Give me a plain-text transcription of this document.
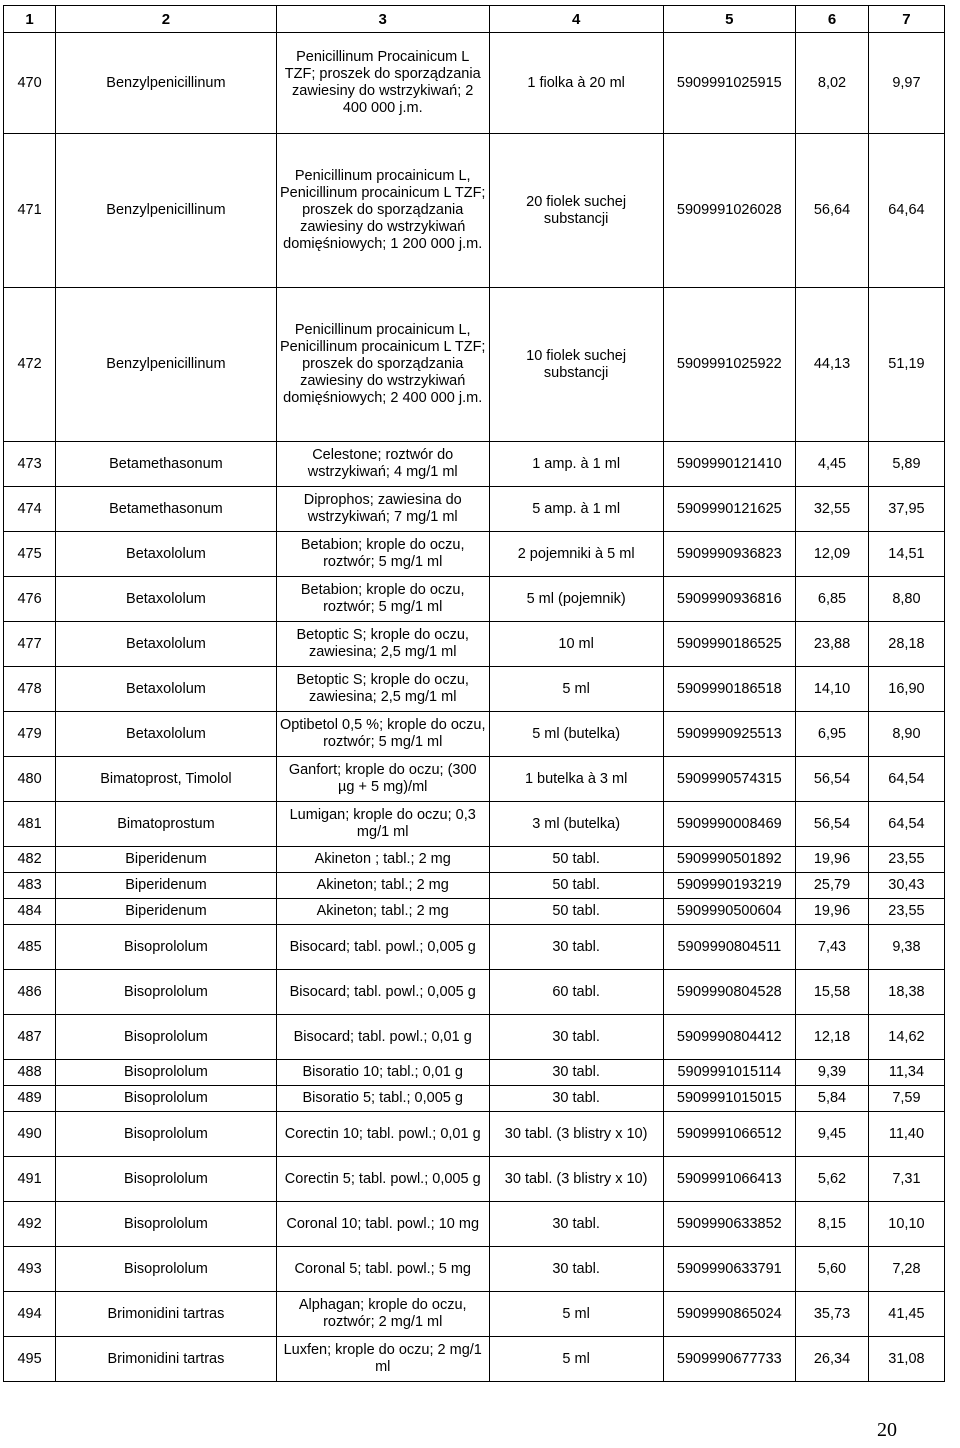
1	2	3	4	5	6	7
470	Benzylpenicillinum	Penicillinum Procainicum L TZF; proszek do sporządzania zawiesiny do wstrzykiwań; 2 400 000 j.m.	1 fiolka à 20 ml	5909991025915	8,02	9,97
471	Benzylpenicillinum	Penicillinum procainicum L, Penicillinum procainicum L TZF; proszek do sporządzania zawiesiny do wstrzykiwań domięśniowych; 1 200 000 j.m.	20 fiolek suchej substancji	5909991026028	56,64	64,64
472	Benzylpenicillinum	Penicillinum procainicum L, Penicillinum procainicum L TZF; proszek do sporządzania zawiesiny do wstrzykiwań domięśniowych; 2 400 000 j.m.	10 fiolek suchej substancji	5909991025922	44,13	51,19
473	Betamethasonum	Celestone; roztwór do wstrzykiwań; 4 mg/1 ml	1 amp. à 1 ml	5909990121410	4,45	5,89
474	Betamethasonum	Diprophos; zawiesina do wstrzykiwań; 7 mg/1 ml	5 amp. à 1 ml	5909990121625	32,55	37,95
475	Betaxololum	Betabion; krople do oczu, roztwór; 5 mg/1 ml	2 pojemniki à 5 ml	5909990936823	12,09	14,51
476	Betaxololum	Betabion; krople do oczu, roztwór; 5 mg/1 ml	5 ml (pojemnik)	5909990936816	6,85	8,80
477	Betaxololum	Betoptic S; krople do oczu, zawiesina; 2,5 mg/1 ml	10 ml	5909990186525	23,88	28,18
478	Betaxololum	Betoptic S; krople do oczu, zawiesina; 2,5 mg/1 ml	5 ml	5909990186518	14,10	16,90
479	Betaxololum	Optibetol 0,5 %; krople do oczu, roztwór; 5 mg/1 ml	5 ml (butelka)	5909990925513	6,95	8,90
480	Bimatoprost, Timolol	Ganfort; krople do oczu; (300 µg + 5 mg)/ml	1 butelka à 3 ml	5909990574315	56,54	64,54
481	Bimatoprostum	Lumigan; krople do oczu; 0,3 mg/1 ml	3 ml (butelka)	5909990008469	56,54	64,54
482	Biperidenum	Akineton ; tabl.; 2 mg	50 tabl.	5909990501892	19,96	23,55
483	Biperidenum	Akineton; tabl.; 2 mg	50 tabl.	5909990193219	25,79	30,43
484	Biperidenum	Akineton; tabl.; 2 mg	50 tabl.	5909990500604	19,96	23,55
485	Bisoprololum	Bisocard; tabl. powl.; 0,005 g	30 tabl.	5909990804511	7,43	9,38
486	Bisoprololum	Bisocard; tabl. powl.; 0,005 g	60 tabl.	5909990804528	15,58	18,38
487	Bisoprololum	Bisocard; tabl. powl.; 0,01 g	30 tabl.	5909990804412	12,18	14,62
488	Bisoprololum	Bisoratio 10; tabl.; 0,01 g	30 tabl.	5909991015114	9,39	11,34
489	Bisoprololum	Bisoratio 5; tabl.; 0,005 g	30 tabl.	5909991015015	5,84	7,59
490	Bisoprololum	Corectin 10; tabl. powl.; 0,01 g	30 tabl. (3 blistry x 10)	5909991066512	9,45	11,40
491	Bisoprololum	Corectin 5; tabl. powl.; 0,005 g	30 tabl. (3 blistry x 10)	5909991066413	5,62	7,31
492	Bisoprololum	Coronal 10; tabl. powl.; 10 mg	30 tabl.	5909990633852	8,15	10,10
493	Bisoprololum	Coronal 5; tabl. powl.; 5 mg	30 tabl.	5909990633791	5,60	7,28
494	Brimonidini tartras	Alphagan; krople do oczu, roztwór; 2 mg/1 ml	5 ml	5909990865024	35,73	41,45
495	Brimonidini tartras	Luxfen; krople do oczu; 2 mg/1 ml	5 ml	5909990677733	26,34	31,08
20
